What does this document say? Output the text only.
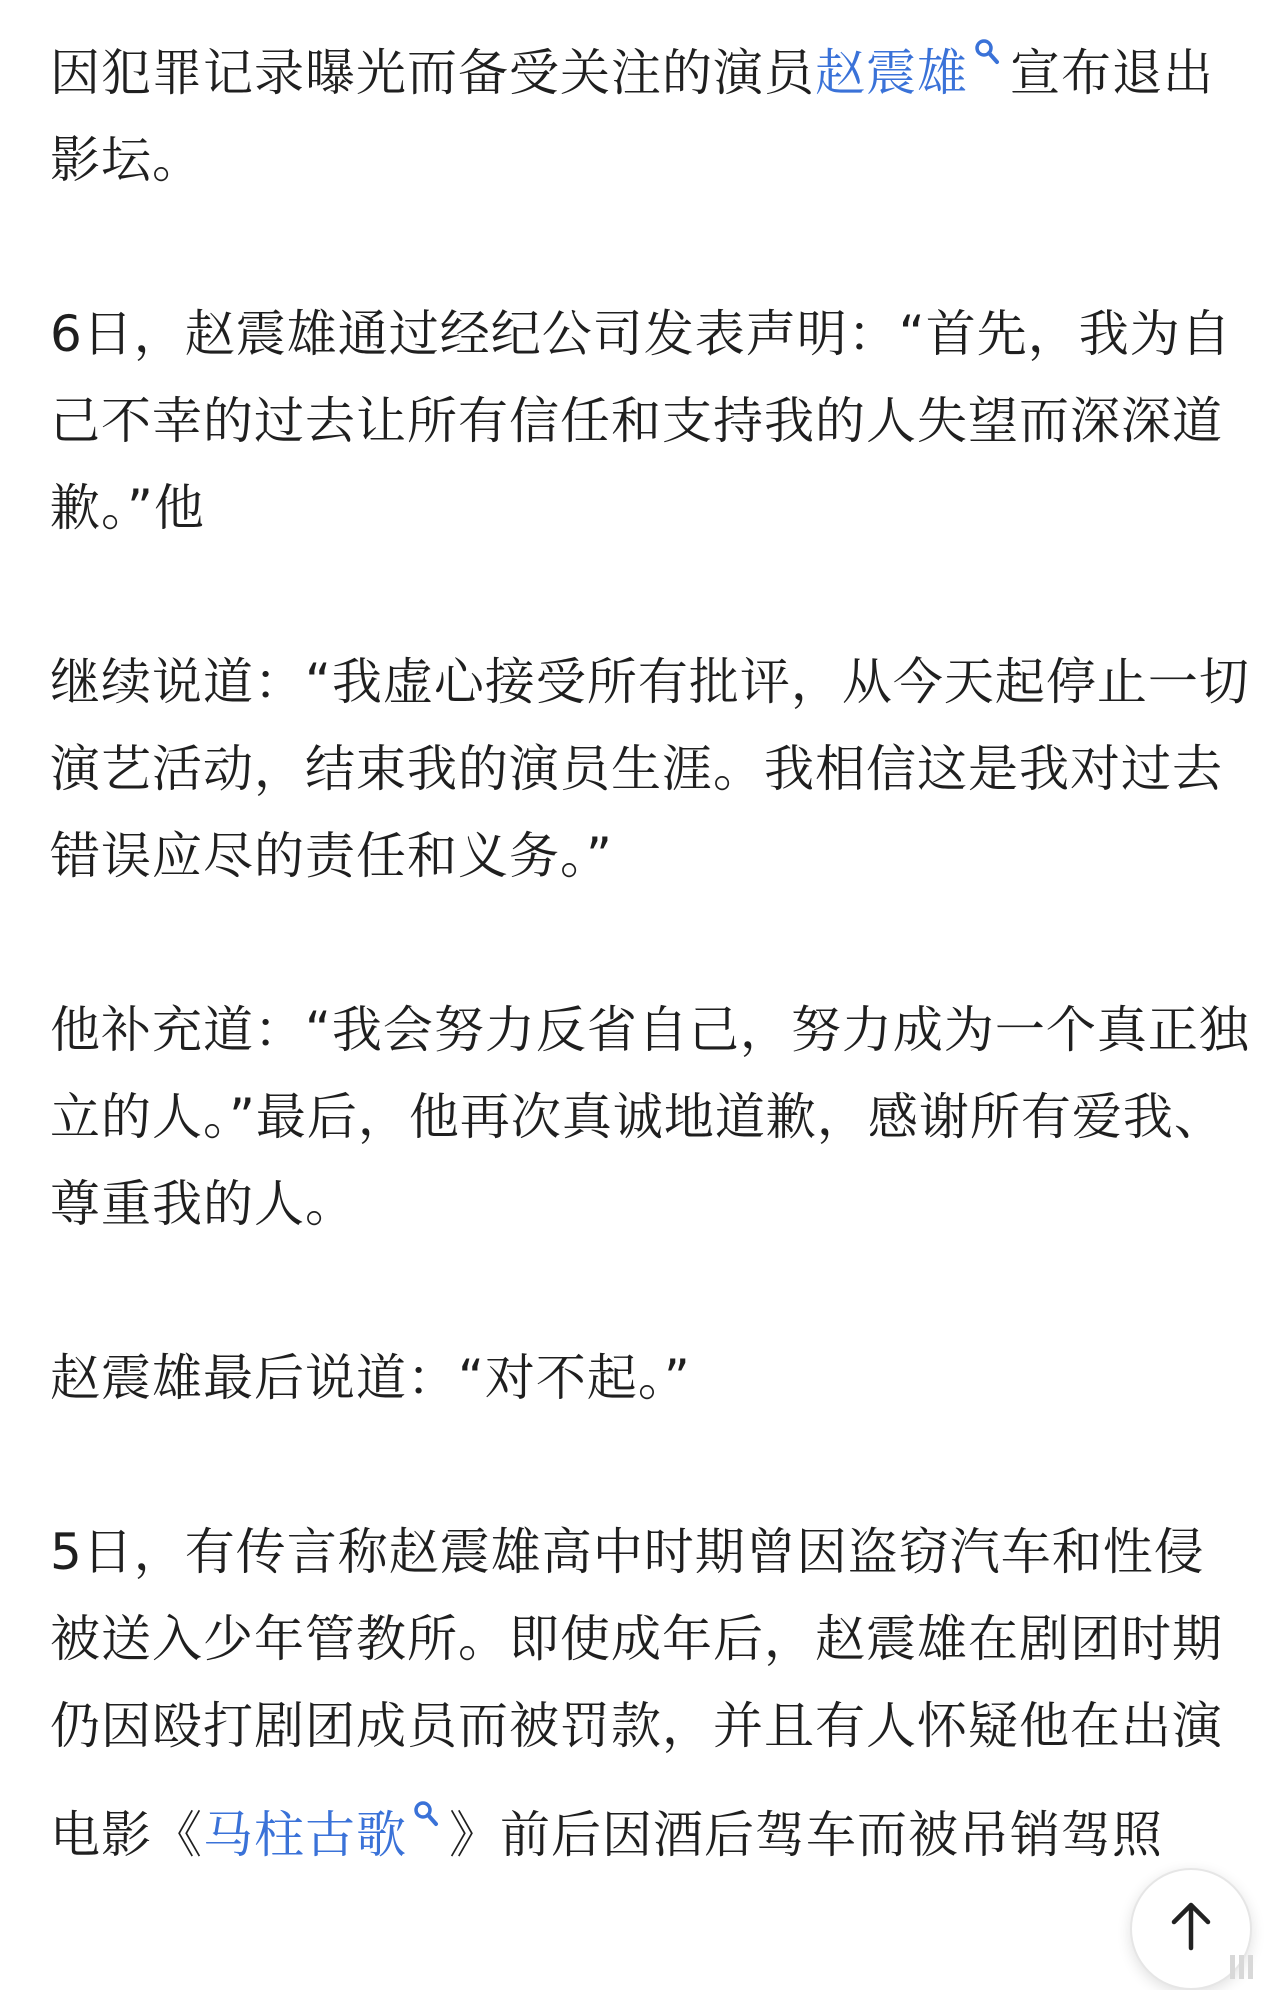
因犯罪记录曝光而备受关注的演员赵震雄 宣布退出影坛。

6日，赵震雄通过经纪公司发表声明：“首先，我为自己不幸的过去让所有信任和支持我的人失望而深深道歉。”他

继续说道：“我虚心接受所有批评，从今天起停止一切演艺活动，结束我的演员生涯。我相信这是我对过去错误应尽的责任和义务。”

他补充道：“我会努力反省自己，努力成为一个真正独立的人。”最后，他再次真诚地道歉，感谢所有爱我、尊重我的人。

赵震雄最后说道：“对不起。”

5日，有传言称赵震雄高中时期曾因盗窃汽车和性侵被送入少年管教所。即使成年后，赵震雄在剧团时期仍因殴打剧团成员而被罚款，并且有人怀疑他在出演电影《马柱古歌 》前后因酒后驾车而被吊销驾照
